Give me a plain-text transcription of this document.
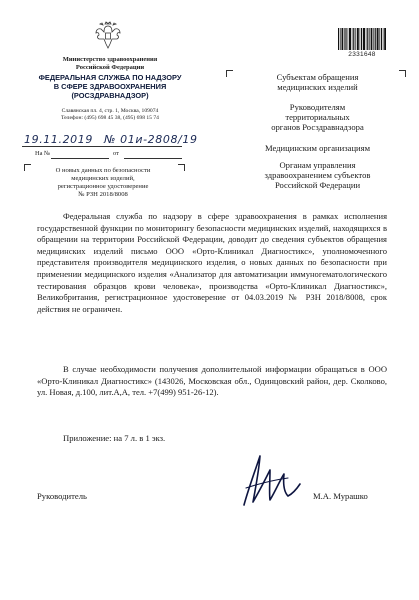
2331648
Министерство здравоохранения
Российской Федерации
ФЕДЕРАЛЬНАЯ СЛУЖБА ПО НАДЗОРУ
В СФЕРЕ ЗДРАВООХРАНЕНИЯ
(РОСЗДРАВНАДЗОР)
Славянская пл. 4, стр. 1, Москва, 109074
Телефон: (495) 698 45 38, (495) 698 15 74
19.11.2019 № 01и-2808/19
На №	от
О новых данных по безопасности
медицинских изделий,
регистрационное удостоверение
№ РЗН 2018/8008
Субъектам обращения
медицинских изделий
Руководителям
территориальных
органов Росздравнадзора
Медицинским организациям
Органам управления
здравоохранением субъектов
Российской Федерации
Федеральная служба по надзору в сфере здравоохранения в рамках исполнения государственной функции по мониторингу безопасности медицинских изделий, находящихся в обращении на территории Российской Федерации, доводит до сведения субъектов обращения медицинских изделий письмо ООО «Орто-Клиникал Диагностикс», уполномоченного представителя производителя медицинского изделия, о новых данных по безопасности при применении медицинского изделия «Анализатор для автоматизации иммуногематологического тестирования образцов крови человека», производства «Орто-Клиникал Диагностикс», Великобритания, регистрационное удостоверение от 04.03.2019 № РЗН 2018/8008, срок действия не ограничен.
В случае необходимости получения дополнительной информации обращаться в ООО «Орто-Клиникал Диагностикс» (143026, Московская обл., Одинцовский район, дер. Сколково, ул. Новая, д.100, лит.А,А, тел. +7(499) 951-26-12).
Приложение: на 7 л. в 1 экз.
Руководитель	М.А. Мурашко
